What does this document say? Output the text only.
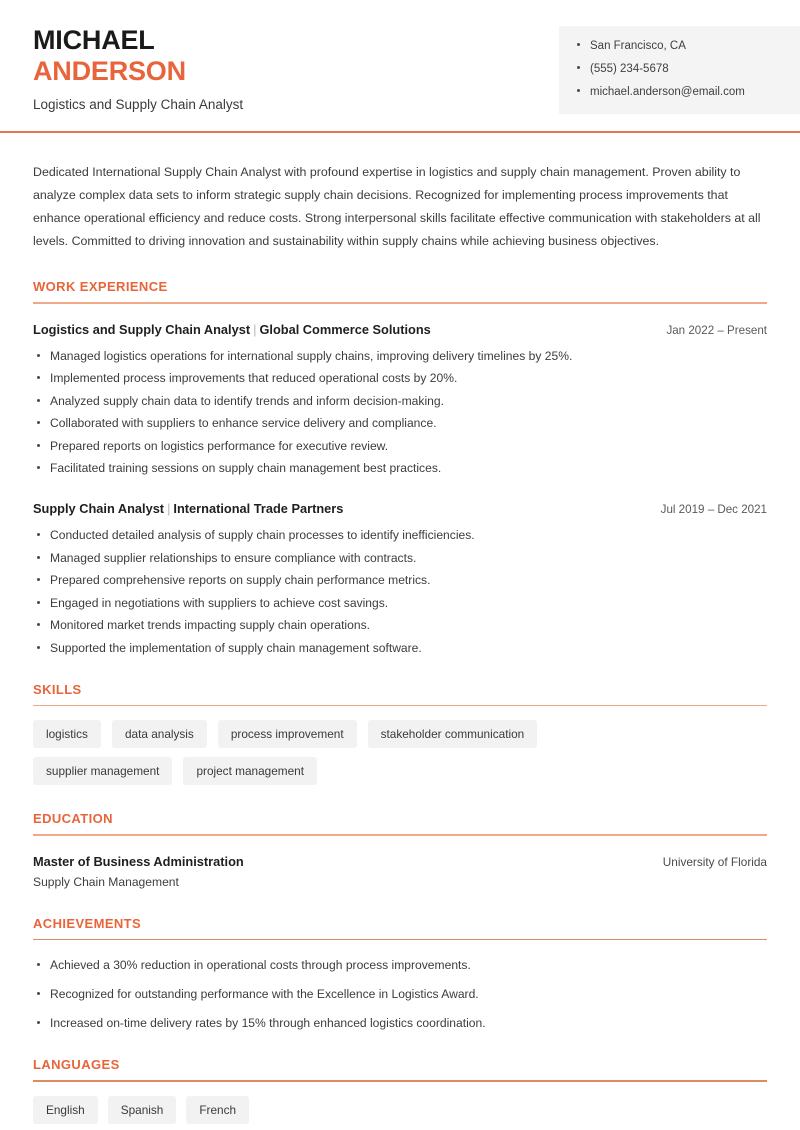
MICHAEL
ANDERSON
Logistics and Supply Chain Analyst
San Francisco, CA
(555) 234-5678
michael.anderson@email.com
Dedicated International Supply Chain Analyst with profound expertise in logistics and supply chain management. Proven ability to analyze complex data sets to inform strategic supply chain decisions. Recognized for implementing process improvements that enhance operational efficiency and reduce costs. Strong interpersonal skills facilitate effective communication with stakeholders at all levels. Committed to driving innovation and sustainability within supply chains while achieving business objectives.
WORK EXPERIENCE
Logistics and Supply Chain Analyst | Global Commerce Solutions	Jan 2022 – Present
Managed logistics operations for international supply chains, improving delivery timelines by 25%.
Implemented process improvements that reduced operational costs by 20%.
Analyzed supply chain data to identify trends and inform decision-making.
Collaborated with suppliers to enhance service delivery and compliance.
Prepared reports on logistics performance for executive review.
Facilitated training sessions on supply chain management best practices.
Supply Chain Analyst | International Trade Partners	Jul 2019 – Dec 2021
Conducted detailed analysis of supply chain processes to identify inefficiencies.
Managed supplier relationships to ensure compliance with contracts.
Prepared comprehensive reports on supply chain performance metrics.
Engaged in negotiations with suppliers to achieve cost savings.
Monitored market trends impacting supply chain operations.
Supported the implementation of supply chain management software.
SKILLS
logistics	data analysis	process improvement	stakeholder communication
supplier management	project management
EDUCATION
Master of Business Administration	University of Florida
Supply Chain Management
ACHIEVEMENTS
Achieved a 30% reduction in operational costs through process improvements.
Recognized for outstanding performance with the Excellence in Logistics Award.
Increased on-time delivery rates by 15% through enhanced logistics coordination.
LANGUAGES
English	Spanish	French
